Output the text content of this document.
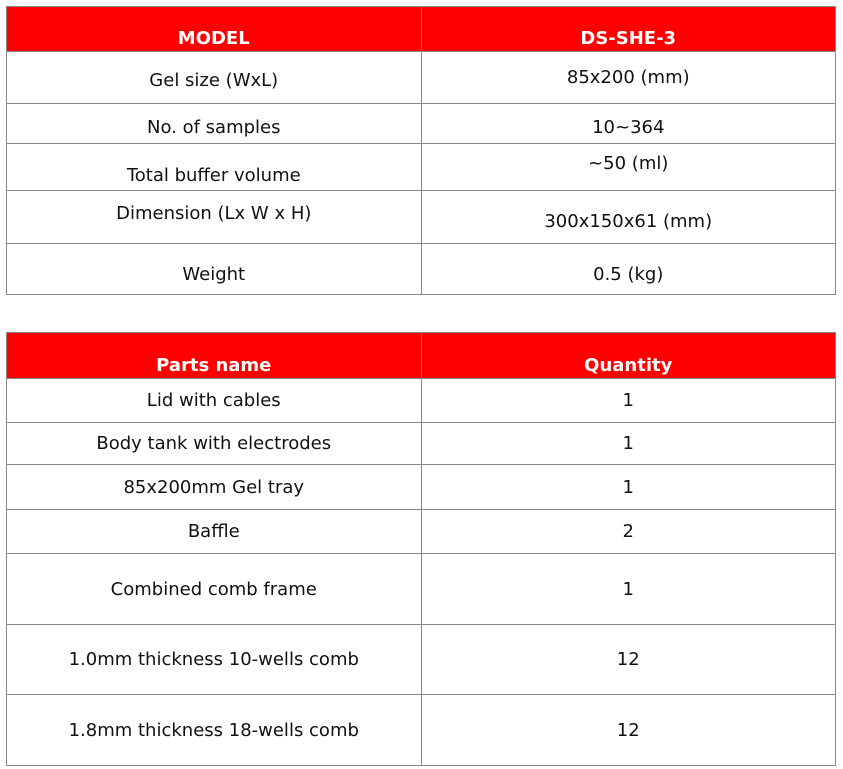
MODEL	DS-SHE-3
Gel size (WxL)	85x200 (mm)
No. of samples	10~364
Total buffer volume	~50 (ml)
Dimension (Lx W x H)	300x150x61 (mm)
Weight	0.5 (kg)
Parts name	Quantity
Lid with cables	1
Body tank with electrodes	1
85x200mm Gel tray	1
Baffle	2
Combined comb frame	1
1.0mm thickness 10-wells comb	12
1.8mm thickness 18-wells comb	12
